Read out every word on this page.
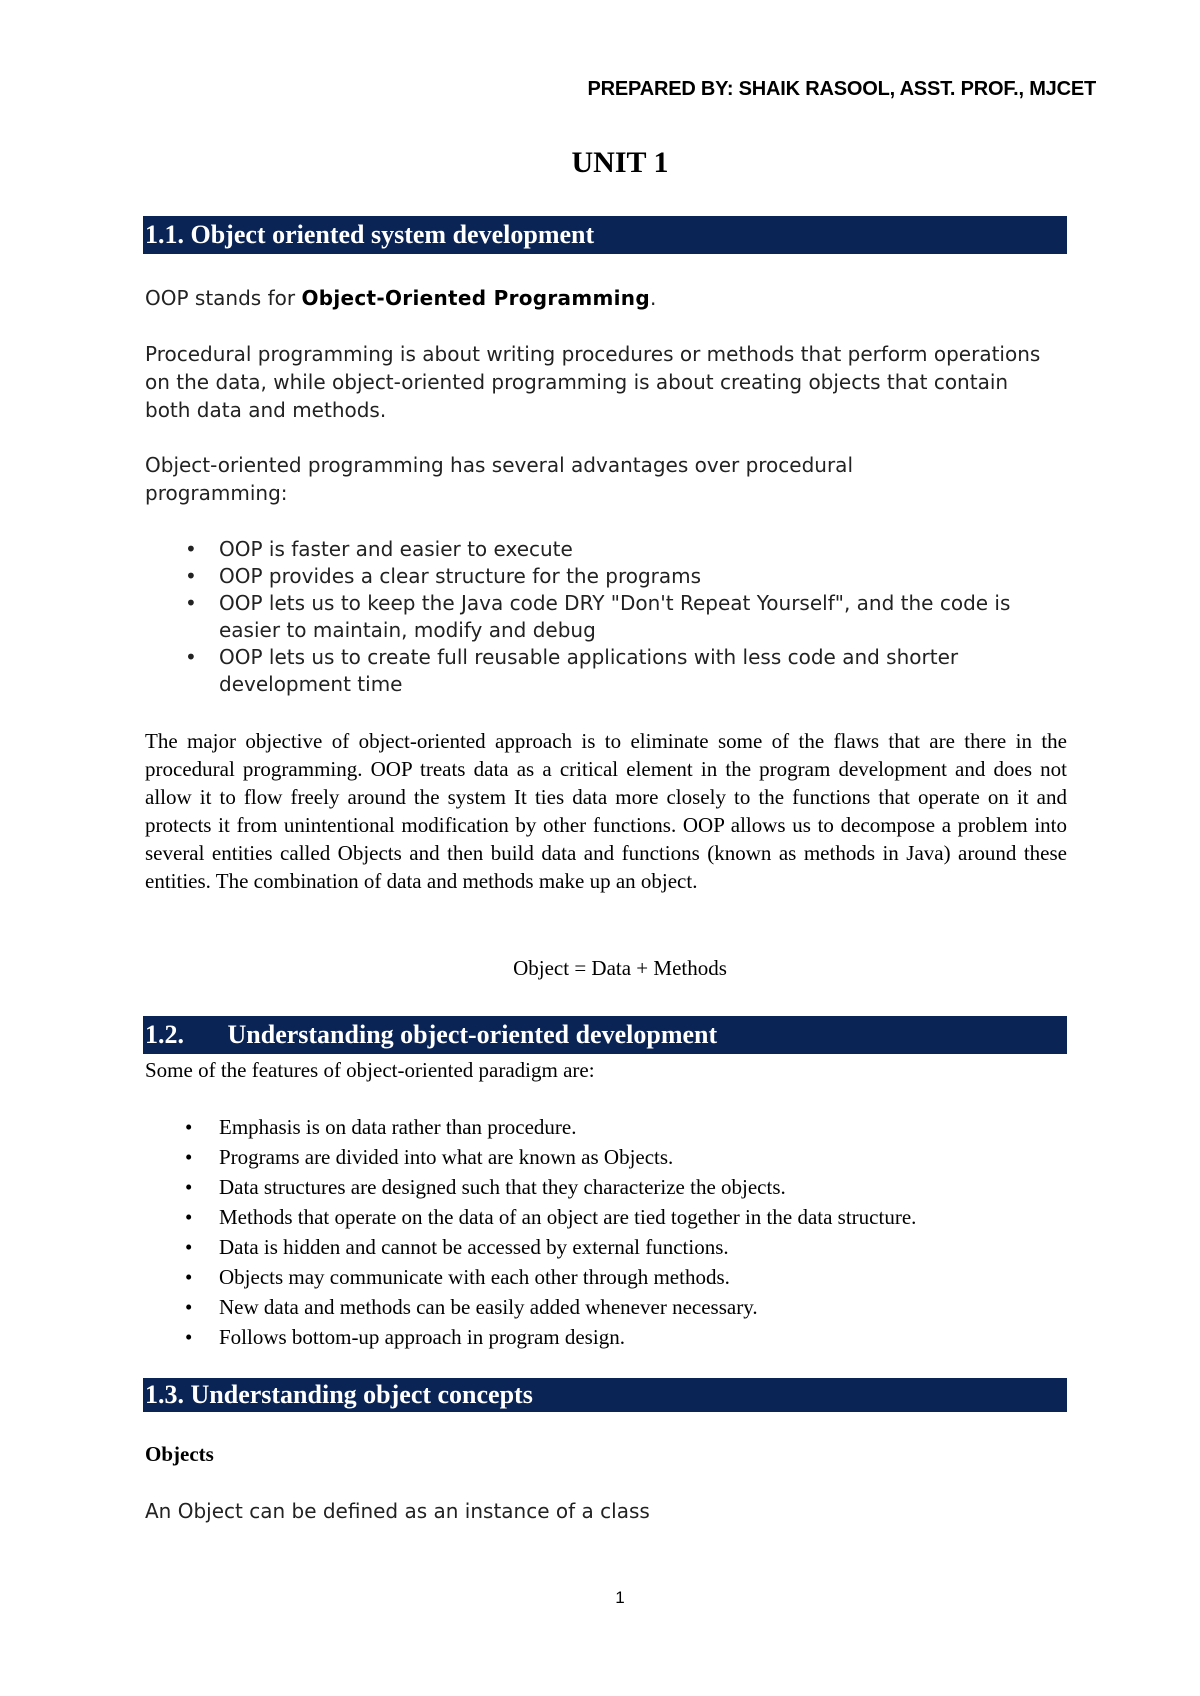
PREPARED BY: SHAIK RASOOL, ASST. PROF., MJCET
UNIT 1
1.1. Object oriented system development

OOP stands for Object-Oriented Programming.

Procedural programming is about writing procedures or methods that perform operations on the data, while object-oriented programming is about creating objects that contain both data and methods.

Object-oriented programming has several advantages over procedural programming:

• OOP is faster and easier to execute
• OOP provides a clear structure for the programs
• OOP lets us to keep the Java code DRY "Don't Repeat Yourself", and the code is easier to maintain, modify and debug
• OOP lets us to create full reusable applications with less code and shorter development time

The major objective of object-oriented approach is to eliminate some of the flaws that are there in the procedural programming. OOP treats data as a critical element in the program development and does not allow it to flow freely around the system It ties data more closely to the functions that operate on it and protects it from unintentional modification by other functions. OOP allows us to decompose a problem into several entities called Objects and then build data and functions (known as methods in Java) around these entities. The combination of data and methods make up an object.

Object = Data + Methods
1.2. Understanding object-oriented development
Some of the features of object-oriented paradigm are:
• Emphasis is on data rather than procedure.
• Programs are divided into what are known as Objects.
• Data structures are designed such that they characterize the objects.
• Methods that operate on the data of an object are tied together in the data structure.
• Data is hidden and cannot be accessed by external functions.
• Objects may communicate with each other through methods.
• New data and methods can be easily added whenever necessary.
• Follows bottom-up approach in program design.
1.3. Understanding object concepts
Objects
An Object can be defined as an instance of a class
1
